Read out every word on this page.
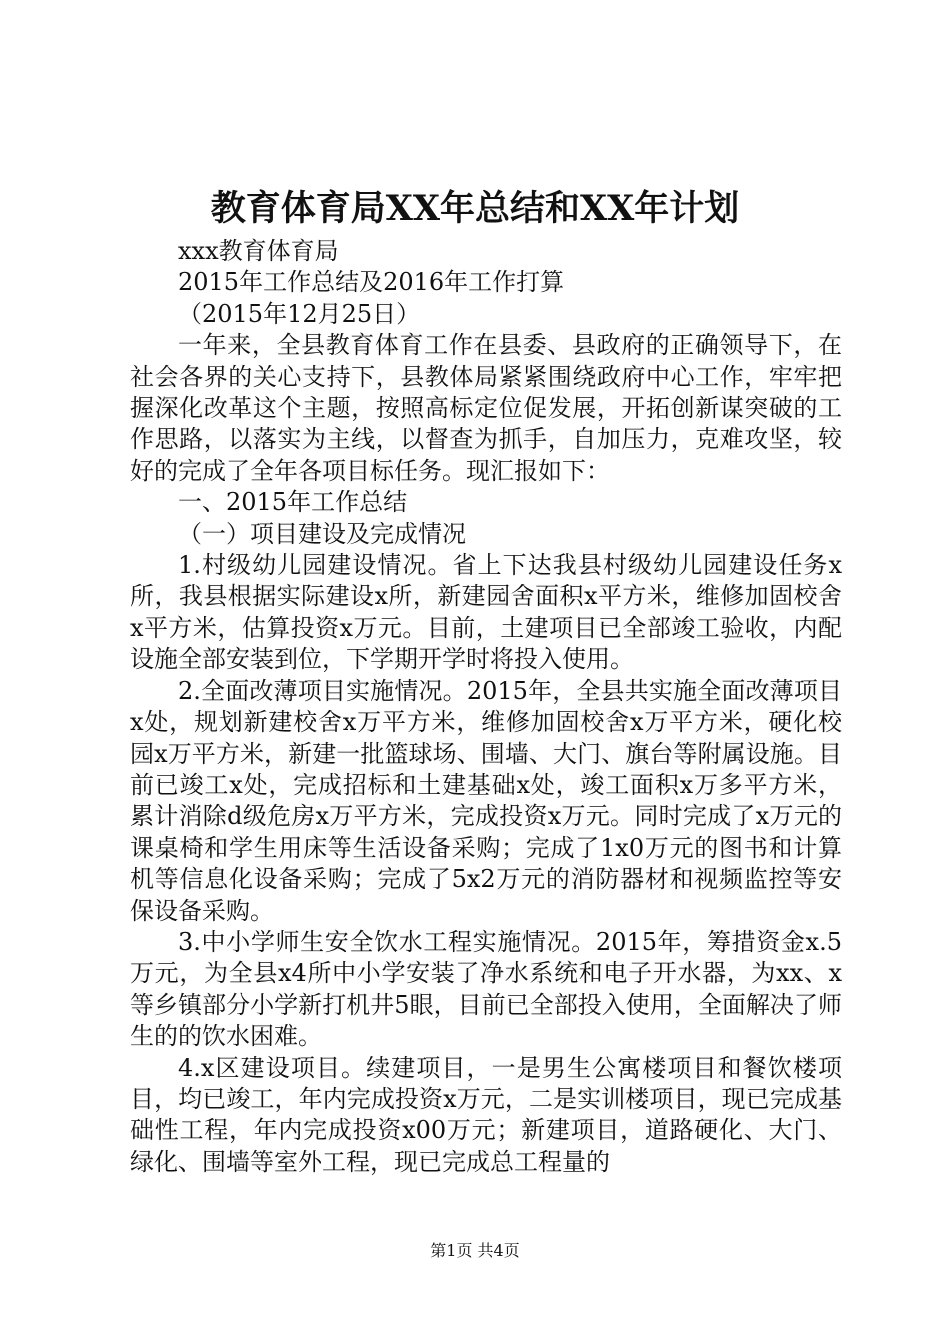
教育体育局XX年总结和XX年计划

xxx教育体育局

2015年工作总结及2016年工作打算

（2015年12月25日）

一年来，全县教育体育工作在县委、县政府的正确领导下，在社会各界的关心支持下，县教体局紧紧围绕政府中心工作，牢牢把握深化改革这个主题，按照高标定位促发展，开拓创新谋突破的工作思路，以落实为主线，以督查为抓手，自加压力，克难攻坚，较好的完成了全年各项目标任务。现汇报如下：

一、2015年工作总结

（一）项目建设及完成情况

1.村级幼儿园建设情况。省上下达我县村级幼儿园建设任务x所，我县根据实际建设x所，新建园舍面积x平方米，维修加固校舍x平方米，估算投资x万元。目前，土建项目已全部竣工验收，内配设施全部安装到位，下学期开学时将投入使用。

2.全面改薄项目实施情况。2015年，全县共实施全面改薄项目x处，规划新建校舍x万平方米，维修加固校舍x万平方米，硬化校园x万平方米，新建一批篮球场、围墙、大门、旗台等附属设施。目前已竣工x处，完成招标和土建基础x处，竣工面积x万多平方米，累计消除d级危房x万平方米，完成投资x万元。同时完成了x万元的课桌椅和学生用床等生活设备采购；完成了1x0万元的图书和计算机等信息化设备采购；完成了5x2万元的消防器材和视频监控等安保设备采购。

3.中小学师生安全饮水工程实施情况。2015年，筹措资金x.5万元，为全县x4所中小学安装了净水系统和电子开水器，为xx、x等乡镇部分小学新打机井5眼，目前已全部投入使用，全面解决了师生的的饮水困难。

4.x区建设项目。续建项目，一是男生公寓楼项目和餐饮楼项目，均已竣工，年内完成投资x万元，二是实训楼项目，现已完成基础性工程，年内完成投资x00万元；新建项目，道路硬化、大门、绿化、围墙等室外工程，现已完成总工程量的

第1页 共4页
